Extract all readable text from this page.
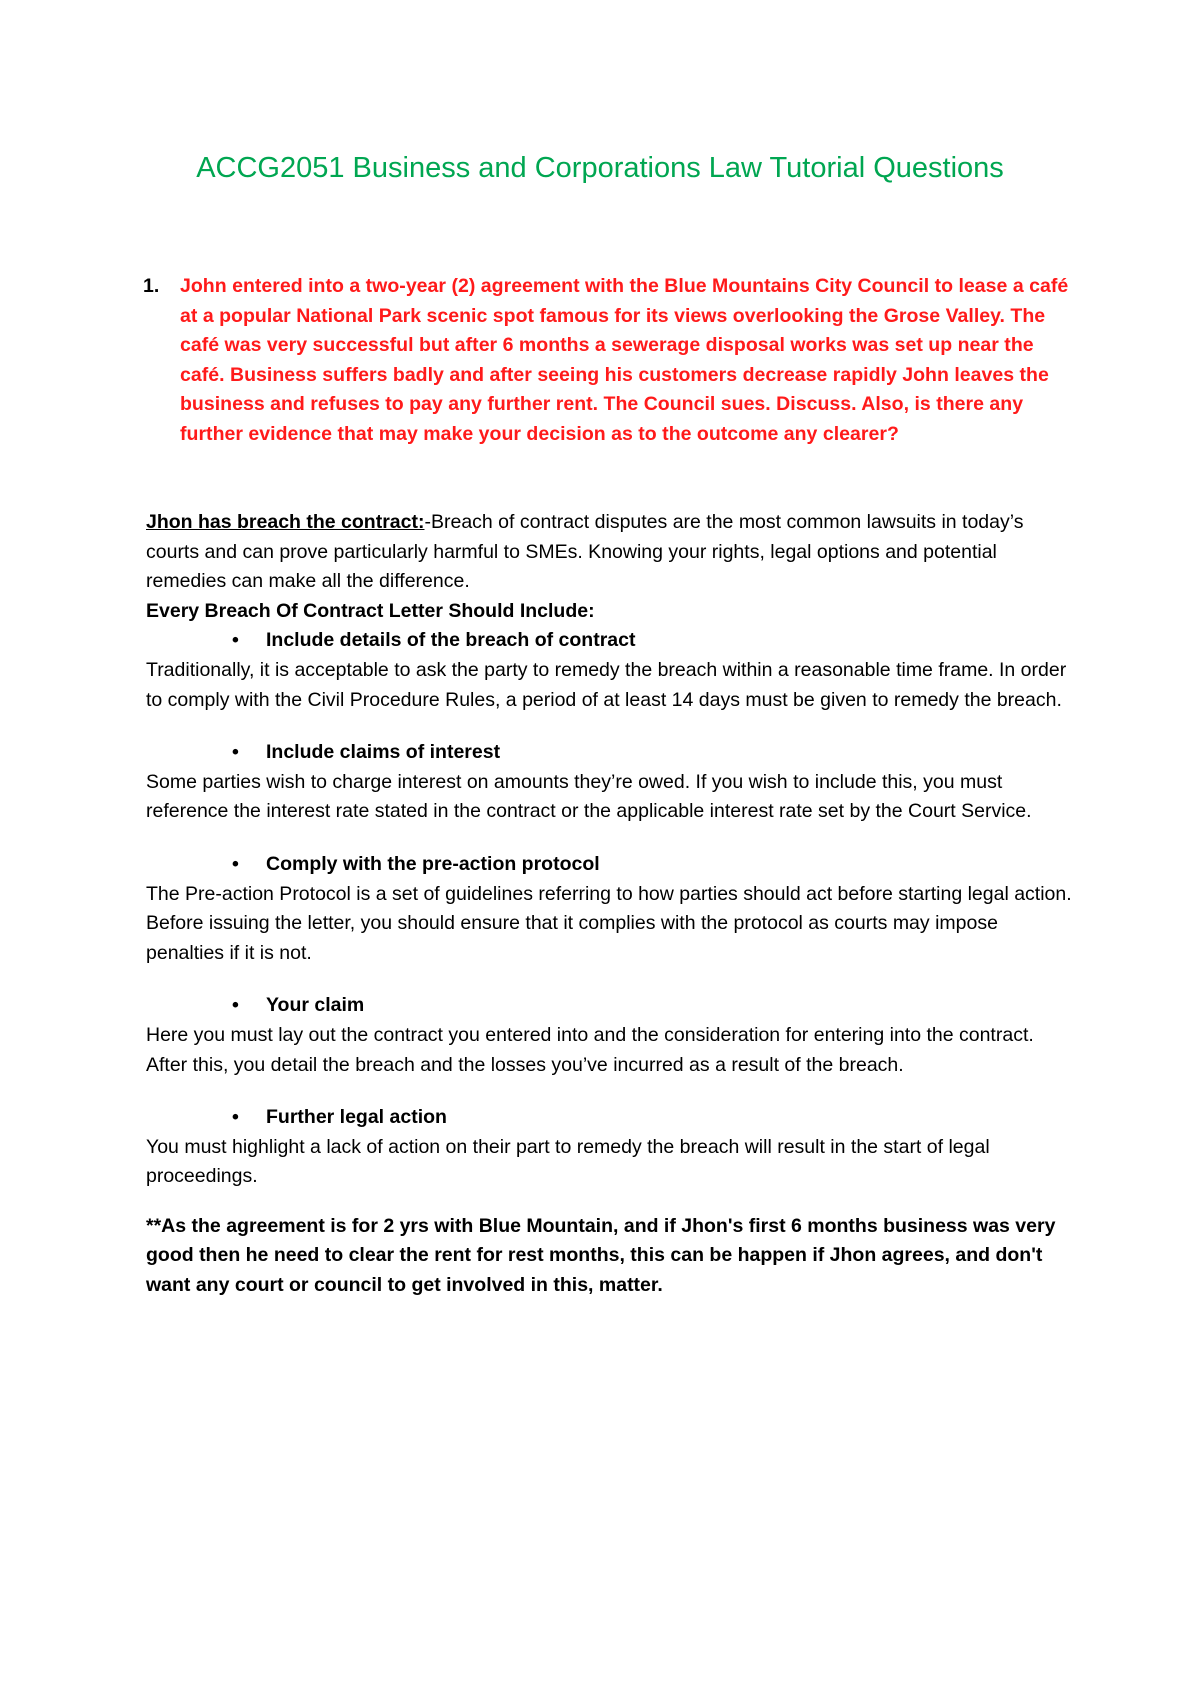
ACCG2051 Business and Corporations Law Tutorial Questions
1. John entered into a two-year (2) agreement with the Blue Mountains City Council to lease a café at a popular National Park scenic spot famous for its views overlooking the Grose Valley. The café was very successful but after 6 months a sewerage disposal works was set up near the café. Business suffers badly and after seeing his customers decrease rapidly John leaves the business and refuses to pay any further rent. The Council sues. Discuss. Also, is there any further evidence that may make your decision as to the outcome any clearer?

Jhon has breach the contract:-Breach of contract disputes are the most common lawsuits in today’s courts and can prove particularly harmful to SMEs. Knowing your rights, legal options and potential remedies can make all the difference.

Every Breach Of Contract Letter Should Include:

• Include details of the breach of contract

Traditionally, it is acceptable to ask the party to remedy the breach within a reasonable time frame. In order to comply with the Civil Procedure Rules, a period of at least 14 days must be given to remedy the breach.

• Include claims of interest

Some parties wish to charge interest on amounts they’re owed. If you wish to include this, you must reference the interest rate stated in the contract or the applicable interest rate set by the Court Service.

• Comply with the pre-action protocol

The Pre-action Protocol is a set of guidelines referring to how parties should act before starting legal action. Before issuing the letter, you should ensure that it complies with the protocol as courts may impose penalties if it is not.

• Your claim

Here you must lay out the contract you entered into and the consideration for entering into the contract. After this, you detail the breach and the losses you’ve incurred as a result of the breach.

• Further legal action

You must highlight a lack of action on their part to remedy the breach will result in the start of legal proceedings.

**As the agreement is for 2 yrs with Blue Mountain, and if Jhon's first 6 months business was very good then he need to clear the rent for rest months, this can be happen if Jhon agrees, and don't want any court or council to get involved in this, matter.
